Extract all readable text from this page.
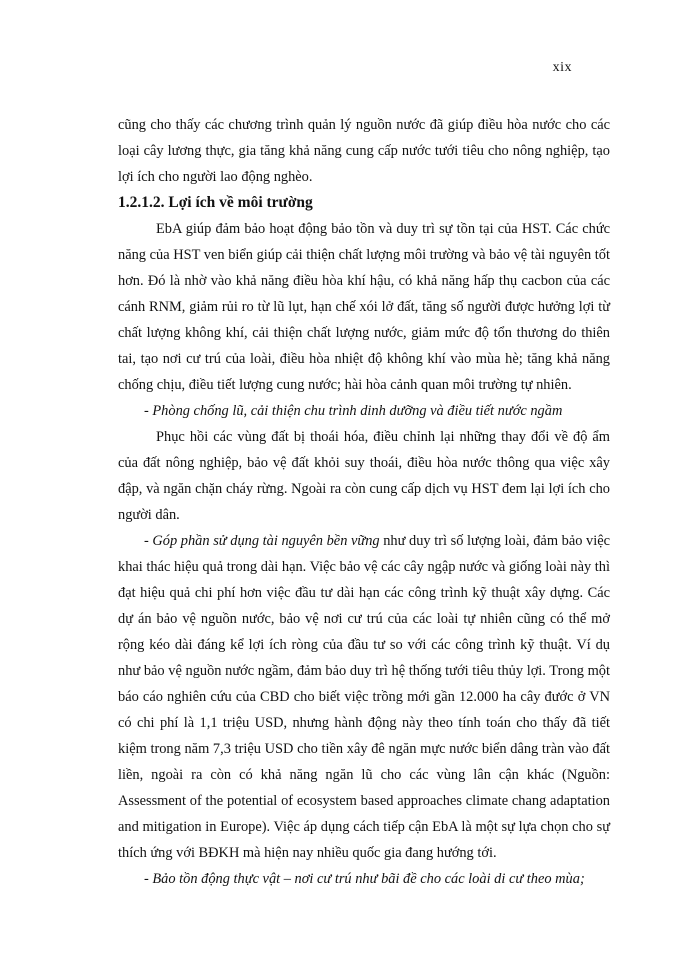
xix

cũng cho thấy các chương trình quản lý nguồn nước đã giúp điều hòa nước cho các loại cây lương thực, gia tăng khả năng cung cấp nước tưới tiêu cho nông nghiệp, tạo lợi ích cho người lao động nghèo.

1.2.1.2. Lợi ích về môi trường

EbA giúp đảm bảo hoạt động bảo tồn và duy trì sự tồn tại của HST. Các chức năng của HST ven biển giúp cải thiện chất lượng môi trường và bảo vệ tài nguyên tốt hơn. Đó là nhờ vào khả năng điều hòa khí hậu, có khả năng hấp thụ cacbon của các cánh RNM, giảm rủi ro từ lũ lụt, hạn chế xói lở đất, tăng số người được hưởng lợi từ chất lượng không khí, cải thiện chất lượng nước, giảm mức độ tổn thương do thiên tai, tạo nơi cư trú của loài, điều hòa nhiệt độ không khí vào mùa hè; tăng khả năng chống chịu, điều tiết lượng cung nước; hài hòa cảnh quan môi trường tự nhiên.

- Phòng chống lũ, cải thiện chu trình dinh dưỡng và điều tiết nước ngầm

Phục hồi các vùng đất bị thoái hóa, điều chỉnh lại những thay đổi về độ ẩm của đất nông nghiệp, bảo vệ đất khỏi suy thoái, điều hòa nước thông qua việc xây đập, và ngăn chặn cháy rừng. Ngoài ra còn cung cấp dịch vụ HST đem lại lợi ích cho người dân.

- Góp phần sử dụng tài nguyên bền vững như duy trì số lượng loài, đảm bảo việc khai thác hiệu quả trong dài hạn. Việc bảo vệ các cây ngập nước và giống loài này thì đạt hiệu quả chi phí hơn việc đầu tư dài hạn các công trình kỹ thuật xây dựng. Các dự án bảo vệ nguồn nước, bảo vệ nơi cư trú của các loài tự nhiên cũng có thể mở rộng kéo dài đáng kể lợi ích ròng của đầu tư so với các công trình kỹ thuật. Ví dụ như bảo vệ nguồn nước ngầm, đảm bảo duy trì hệ thống tưới tiêu thủy lợi. Trong một báo cáo nghiên cứu của CBD cho biết việc trồng mới gần 12.000 ha cây đước ở VN có chi phí là 1,1 triệu USD, nhưng hành động này theo tính toán cho thấy đã tiết kiệm trong năm 7,3 triệu USD cho tiền xây đê ngăn mực nước biển dâng tràn vào đất liền, ngoài ra còn có khả năng ngăn lũ cho các vùng lân cận khác (Nguồn: Assessment of the potential of ecosystem based approaches climate chang adaptation and mitigation in Europe). Việc áp dụng cách tiếp cận EbA là một sự lựa chọn cho sự thích ứng với BĐKH mà hiện nay nhiều quốc gia đang hướng tới.

- Bảo tồn động thực vật – nơi cư trú như bãi đề cho các loài di cư theo mùa;
